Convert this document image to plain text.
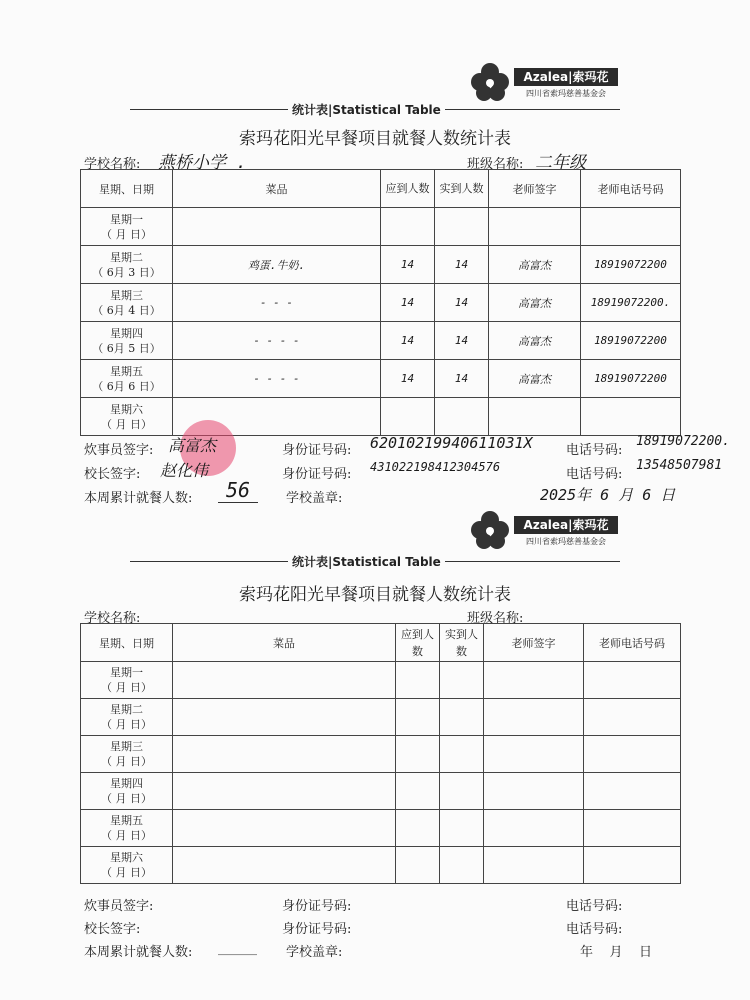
Azalea|索玛花
四川省索玛慈善基金会
统计表|Statistical Table
索玛花阳光早餐项目就餐人数统计表
学校名称: 燕桥小学 .	班级名称: 二年级
星期、日期	菜品	应到人数	实到人数	老师签字	老师电话号码

星期一
（ 月 日）					

星期二
（ 6月 3 日）	鸡蛋.牛奶.	14	14	高富杰	18919072200

星期三
（ 6月 4 日）	- - -	14	14	高富杰	18919072200.

星期四
（ 6月 5 日）	- - - -	14	14	高富杰	18919072200

星期五
（ 6月 6 日）	- - - -	14	14	高富杰	18919072200

星期六
（ 月 日）					
炊事员签字: 高富杰	身份证号码: 62010219940611031X	电话号码:
18919072200.
校长签字: 赵化伟	身份证号码: 431022198412304576	电话号码:
13548507981
本周累计就餐人数:	56	学校盖章:	2025年 6 月 6 日
Azalea|索玛花
四川省索玛慈善基金会
统计表|Statistical Table
索玛花阳光早餐项目就餐人数统计表
学校名称:	班级名称:
星期、日期	菜品	应到人数	实到人数	老师签字	老师电话号码

星期一
（ 月 日）					

星期二
（ 月 日）					

星期三
（ 月 日）					

星期四
（ 月 日）					

星期五
（ 月 日）					

星期六
（ 月 日）					
炊事员签字:	身份证号码:	电话号码:
校长签字:	身份证号码:	电话号码:
本周累计就餐人数: ______ 学校盖章:	年    月    日
